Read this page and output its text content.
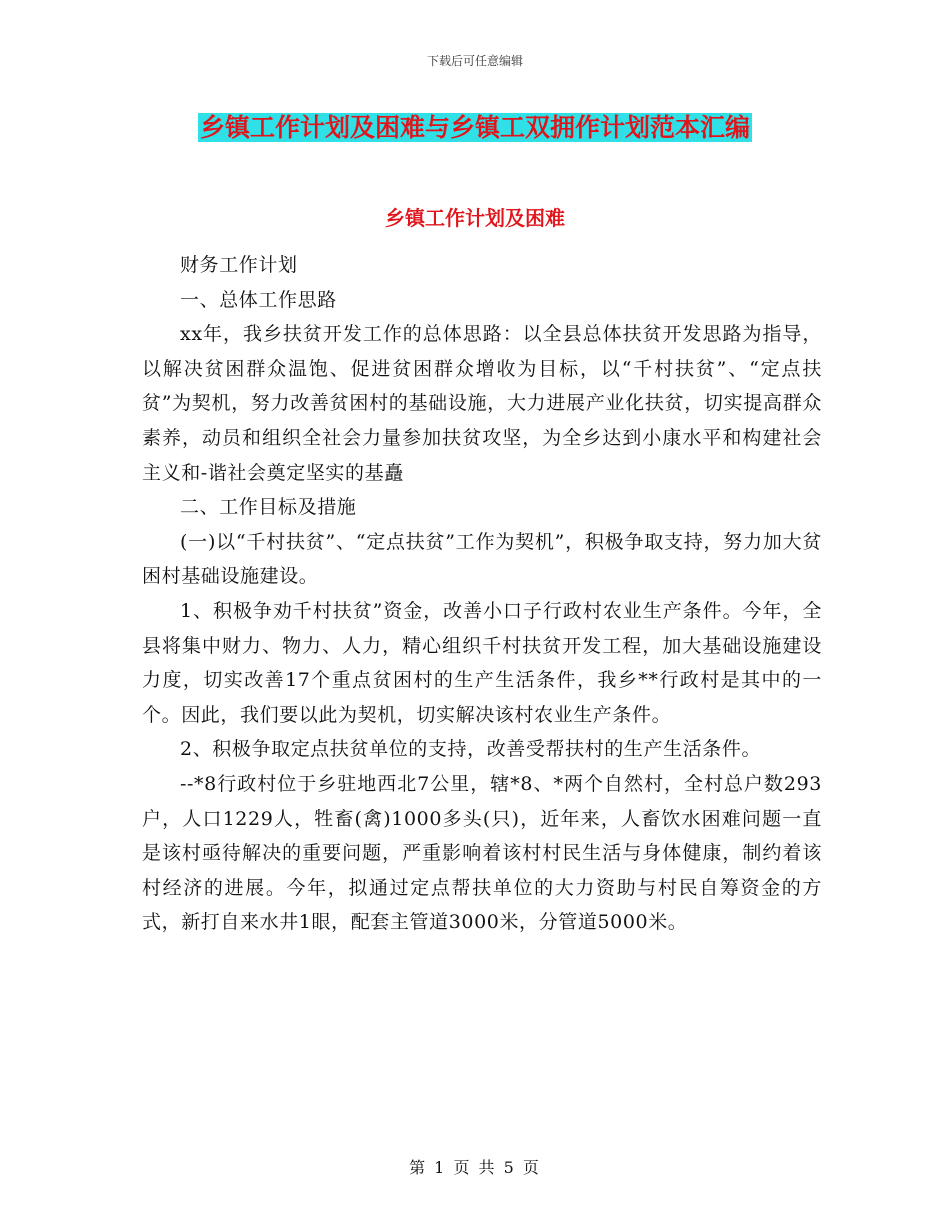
下载后可任意编辑
乡镇工作计划及困难与乡镇工双拥作计划范本汇编
乡镇工作计划及困难

财务工作计划

一、总体工作思路

xx年，我乡扶贫开发工作的总体思路：以全县总体扶贫开发思路为指导，以解决贫困群众温饱、促进贫困群众增收为目标，以“千村扶贫”、“定点扶贫”为契机，努力改善贫困村的基础设施，大力进展产业化扶贫，切实提高群众素养，动员和组织全社会力量参加扶贫攻坚，为全乡达到小康水平和构建社会主义和-谐社会奠定坚实的基矗

二、工作目标及措施

(一)以“千村扶贫”、“定点扶贫”工作为契机”，积极争取支持，努力加大贫困村基础设施建设。

1、积极争劝千村扶贫”资金，改善小口子行政村农业生产条件。今年，全县将集中财力、物力、人力，精心组织千村扶贫开发工程，加大基础设施建设力度，切实改善17个重点贫困村的生产生活条件，我乡**行政村是其中的一个。因此，我们要以此为契机，切实解决该村农业生产条件。

2、积极争取定点扶贫单位的支持，改善受帮扶村的生产生活条件。

--*8行政村位于乡驻地西北7公里，辖*8、*两个自然村，全村总户数293户，人口1229人，牲畜(禽)1000多头(只)，近年来，人畜饮水困难问题一直是该村亟待解决的重要问题，严重影响着该村村民生活与身体健康，制约着该村经济的进展。今年，拟通过定点帮扶单位的大力资助与村民自筹资金的方式，新打自来水井1眼，配套主管道3000米，分管道5000米。

第 1 页 共 5 页
